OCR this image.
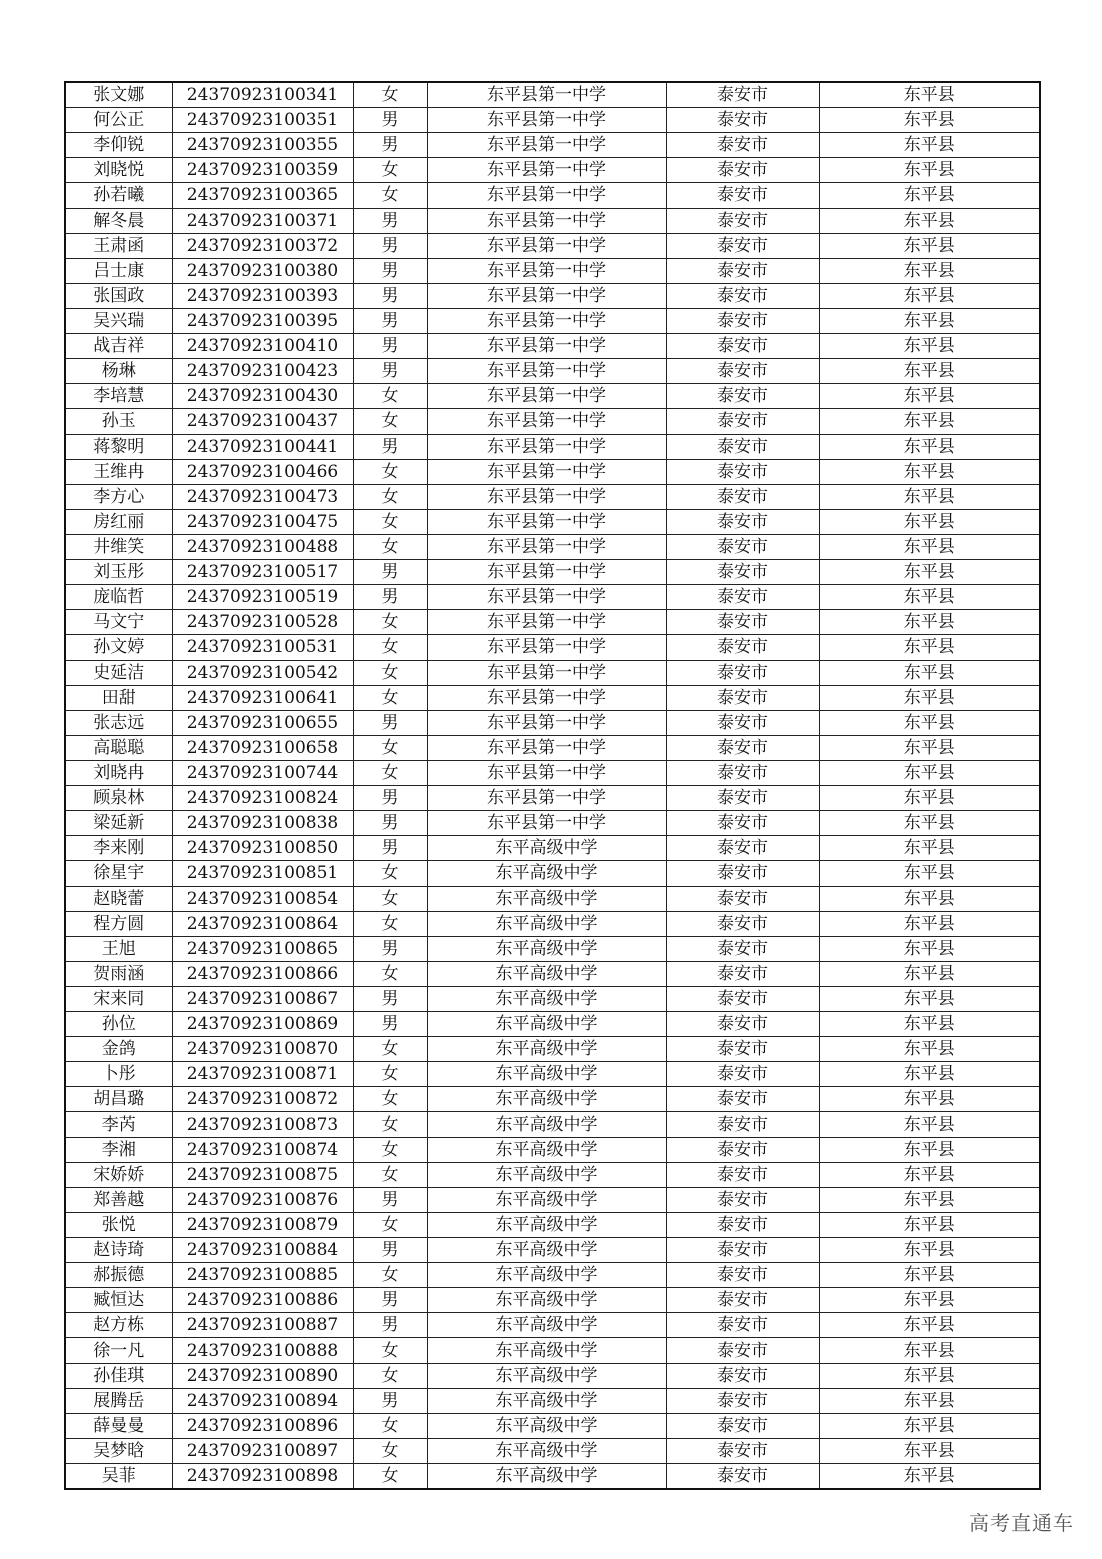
张文娜	24370923100341	女	东平县第一中学	泰安市	东平县
何公正	24370923100351	男	东平县第一中学	泰安市	东平县
李仰锐	24370923100355	男	东平县第一中学	泰安市	东平县
刘晓悦	24370923100359	女	东平县第一中学	泰安市	东平县
孙若曦	24370923100365	女	东平县第一中学	泰安市	东平县
解冬晨	24370923100371	男	东平县第一中学	泰安市	东平县
王肃函	24370923100372	男	东平县第一中学	泰安市	东平县
吕士康	24370923100380	男	东平县第一中学	泰安市	东平县
张国政	24370923100393	男	东平县第一中学	泰安市	东平县
吴兴瑞	24370923100395	男	东平县第一中学	泰安市	东平县
战吉祥	24370923100410	男	东平县第一中学	泰安市	东平县
杨琳	24370923100423	男	东平县第一中学	泰安市	东平县
李培慧	24370923100430	女	东平县第一中学	泰安市	东平县
孙玉	24370923100437	女	东平县第一中学	泰安市	东平县
蒋黎明	24370923100441	男	东平县第一中学	泰安市	东平县
王维冉	24370923100466	女	东平县第一中学	泰安市	东平县
李方心	24370923100473	女	东平县第一中学	泰安市	东平县
房红丽	24370923100475	女	东平县第一中学	泰安市	东平县
井维笑	24370923100488	女	东平县第一中学	泰安市	东平县
刘玉彤	24370923100517	男	东平县第一中学	泰安市	东平县
庞临哲	24370923100519	男	东平县第一中学	泰安市	东平县
马文宁	24370923100528	女	东平县第一中学	泰安市	东平县
孙文婷	24370923100531	女	东平县第一中学	泰安市	东平县
史延洁	24370923100542	女	东平县第一中学	泰安市	东平县
田甜	24370923100641	女	东平县第一中学	泰安市	东平县
张志远	24370923100655	男	东平县第一中学	泰安市	东平县
高聪聪	24370923100658	女	东平县第一中学	泰安市	东平县
刘晓冉	24370923100744	女	东平县第一中学	泰安市	东平县
顾泉林	24370923100824	男	东平县第一中学	泰安市	东平县
梁延新	24370923100838	男	东平县第一中学	泰安市	东平县
李来刚	24370923100850	男	东平高级中学	泰安市	东平县
徐星宇	24370923100851	女	东平高级中学	泰安市	东平县
赵晓蕾	24370923100854	女	东平高级中学	泰安市	东平县
程方圆	24370923100864	女	东平高级中学	泰安市	东平县
王旭	24370923100865	男	东平高级中学	泰安市	东平县
贺雨涵	24370923100866	女	东平高级中学	泰安市	东平县
宋来同	24370923100867	男	东平高级中学	泰安市	东平县
孙位	24370923100869	男	东平高级中学	泰安市	东平县
金鸽	24370923100870	女	东平高级中学	泰安市	东平县
卜彤	24370923100871	女	东平高级中学	泰安市	东平县
胡昌璐	24370923100872	女	东平高级中学	泰安市	东平县
李芮	24370923100873	女	东平高级中学	泰安市	东平县
李湘	24370923100874	女	东平高级中学	泰安市	东平县
宋娇娇	24370923100875	女	东平高级中学	泰安市	东平县
郑善越	24370923100876	男	东平高级中学	泰安市	东平县
张悦	24370923100879	女	东平高级中学	泰安市	东平县
赵诗琦	24370923100884	男	东平高级中学	泰安市	东平县
郝振德	24370923100885	女	东平高级中学	泰安市	东平县
臧恒达	24370923100886	男	东平高级中学	泰安市	东平县
赵方栋	24370923100887	男	东平高级中学	泰安市	东平县
徐一凡	24370923100888	女	东平高级中学	泰安市	东平县
孙佳琪	24370923100890	女	东平高级中学	泰安市	东平县
展腾岳	24370923100894	男	东平高级中学	泰安市	东平县
薛曼曼	24370923100896	女	东平高级中学	泰安市	东平县
吴梦晗	24370923100897	女	东平高级中学	泰安市	东平县
吴菲	24370923100898	女	东平高级中学	泰安市	东平县
高考直通车
